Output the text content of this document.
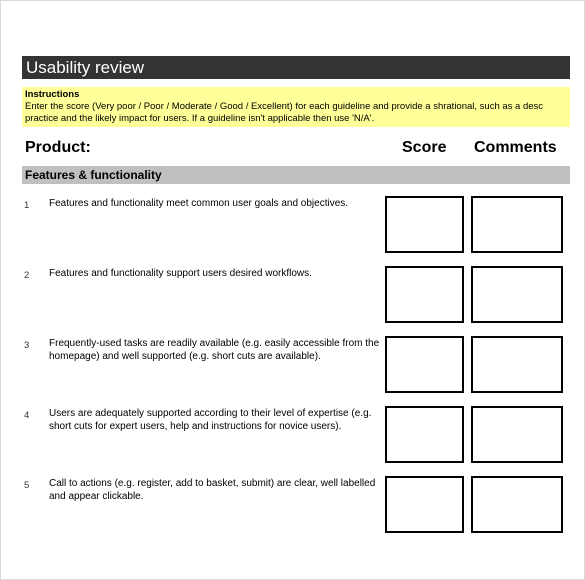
Usability review
Instructions
Enter the score (Very poor / Poor / Moderate / Good / Excellent) for each guideline and provide a shrational, such as a desc
practice and the likely impact for users. If a guideline isn't applicable then use 'N/A'.
Product:	Score Comments
Features & functionality
1 Features and functionality meet common user goals and objectives.
2 Features and functionality support users desired workflows.
3 Frequently-used tasks are readily available (e.g. easily accessible from the homepage) and well supported (e.g. short cuts are available).
4 Users are adequately supported according to their level of expertise (e.g. short cuts for expert users, help and instructions for novice users).
5 Call to actions (e.g. register, add to basket, submit) are clear, well labelled and appear clickable.
